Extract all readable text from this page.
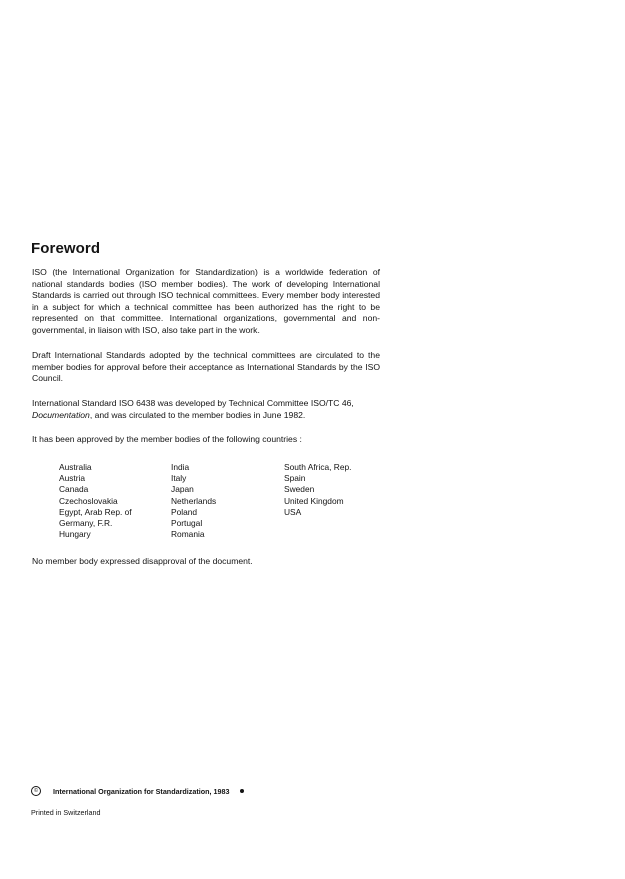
Foreword

ISO (the International Organization for Standardization) is a worldwide federation of national standards bodies (ISO member bodies). The work of developing International Standards is carried out through ISO technical committees. Every member body interested in a subject for which a technical committee has been authorized has the right to be represented on that committee. International organizations, governmental and non-governmental, in liaison with ISO, also take part in the work.

Draft International Standards adopted by the technical committees are circulated to the member bodies for approval before their acceptance as International Standards by the ISO Council.

International Standard ISO 6438 was developed by Technical Committee ISO/TC 46,
Documentation, and was circulated to the member bodies in June 1982.

It has been approved by the member bodies of the following countries :

Australia
Austria
Canada
Czechoslovakia
Egypt, Arab Rep. of
Germany, F.R.
Hungary
India
Italy
Japan
Netherlands
Poland
Portugal
Romania
South Africa, Rep.
Spain
Sweden
United Kingdom
USA

No member body expressed disapproval of the document.

©	International Organization for Standardization, 1983
Printed in Switzerland
